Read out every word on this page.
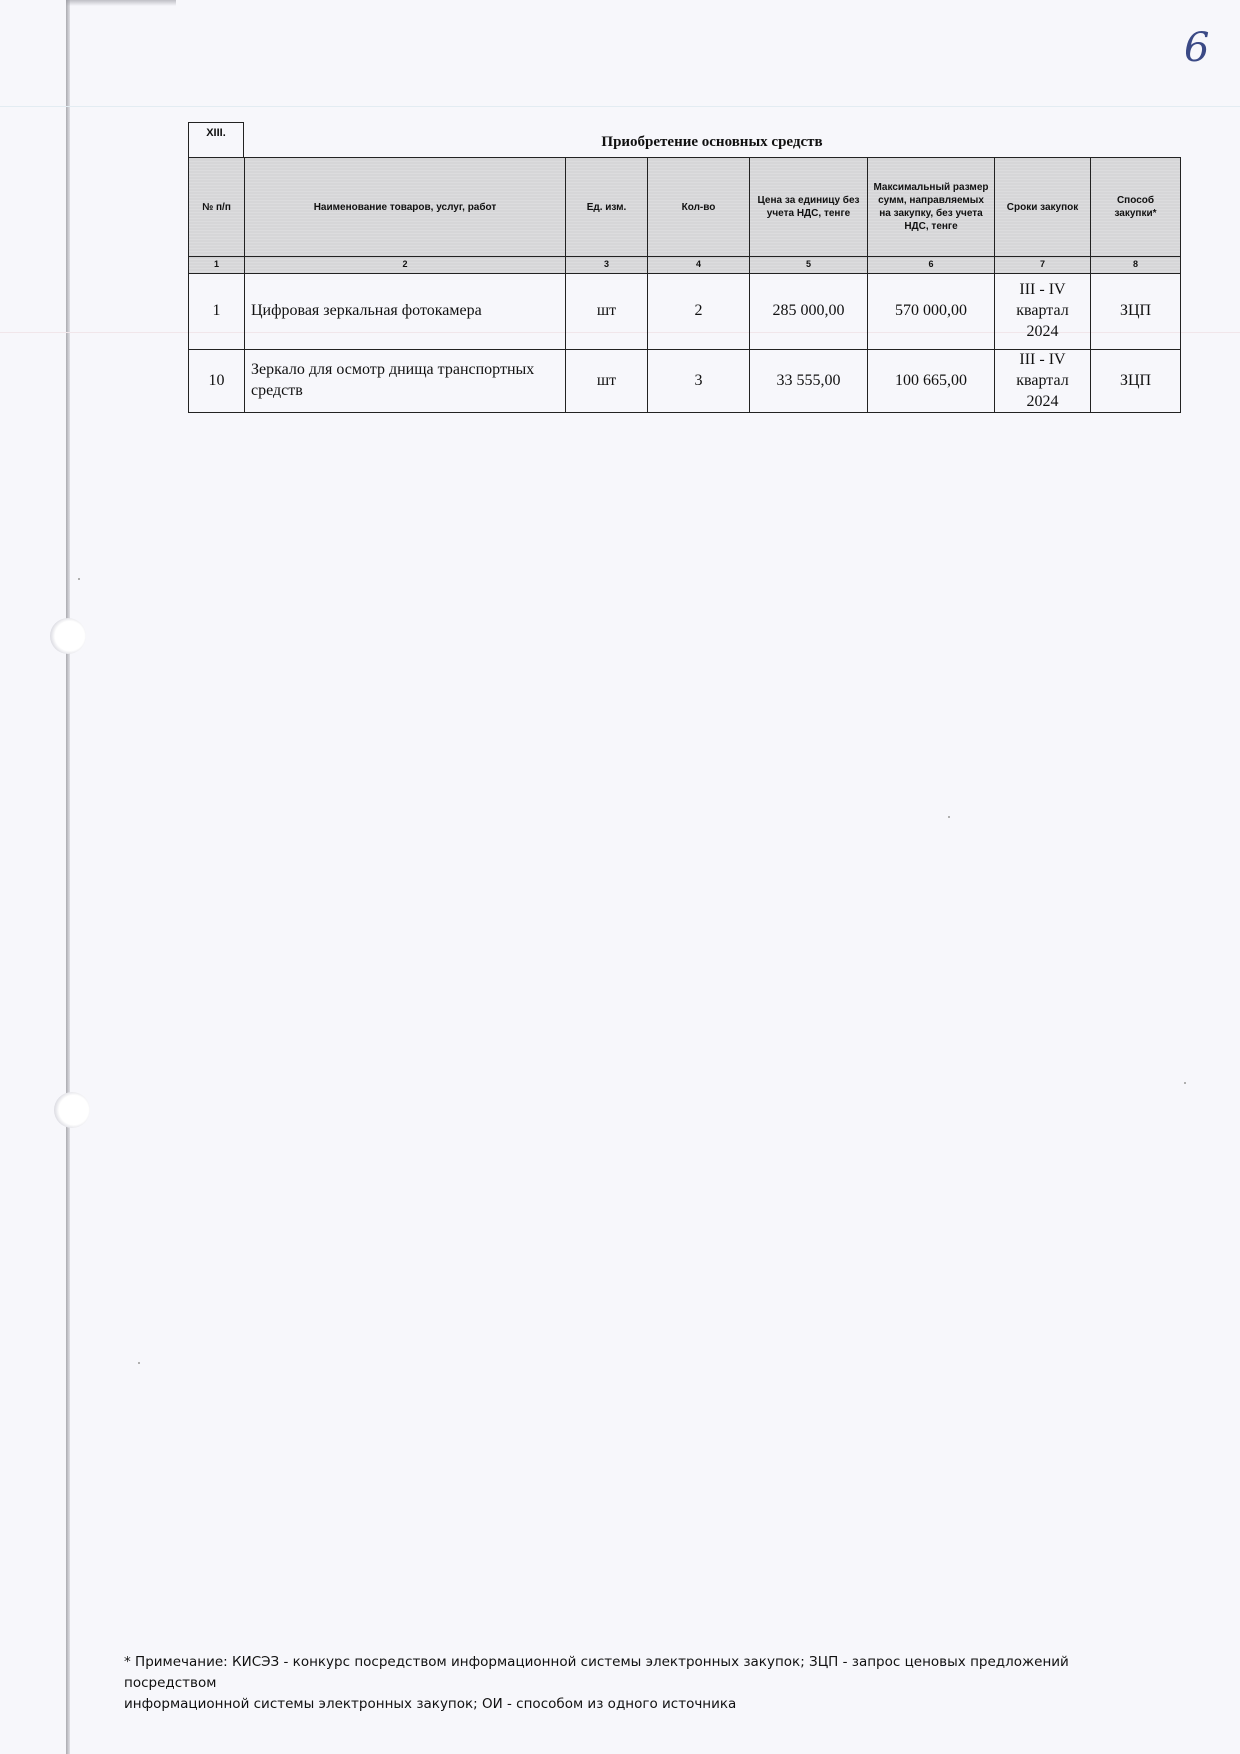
6
XIII.
Приобретение основных средств
№ п/п	Наименование товаров, услуг, работ	Ед. изм.	Кол-во	Цена за единицу без учета НДС, тенге	Максимальный размер сумм, направляемых на закупку, без учета НДС, тенге	Сроки закупок	Способ закупки*
1	2	3	4	5	6	7	8
1	Цифровая зеркальная фотокамера	шт	2	285 000,00	570 000,00	III - IV квартал 2024	ЗЦП
10	Зеркало для осмотр днища транспортных средств	шт	3	33 555,00	100 665,00	III - IV квартал 2024	ЗЦП
* Примечание: КИСЭЗ - конкурс посредством информационной системы электронных закупок; ЗЦП - запрос ценовых предложений посредством
информационной системы электронных закупок; ОИ - способом из одного источника
